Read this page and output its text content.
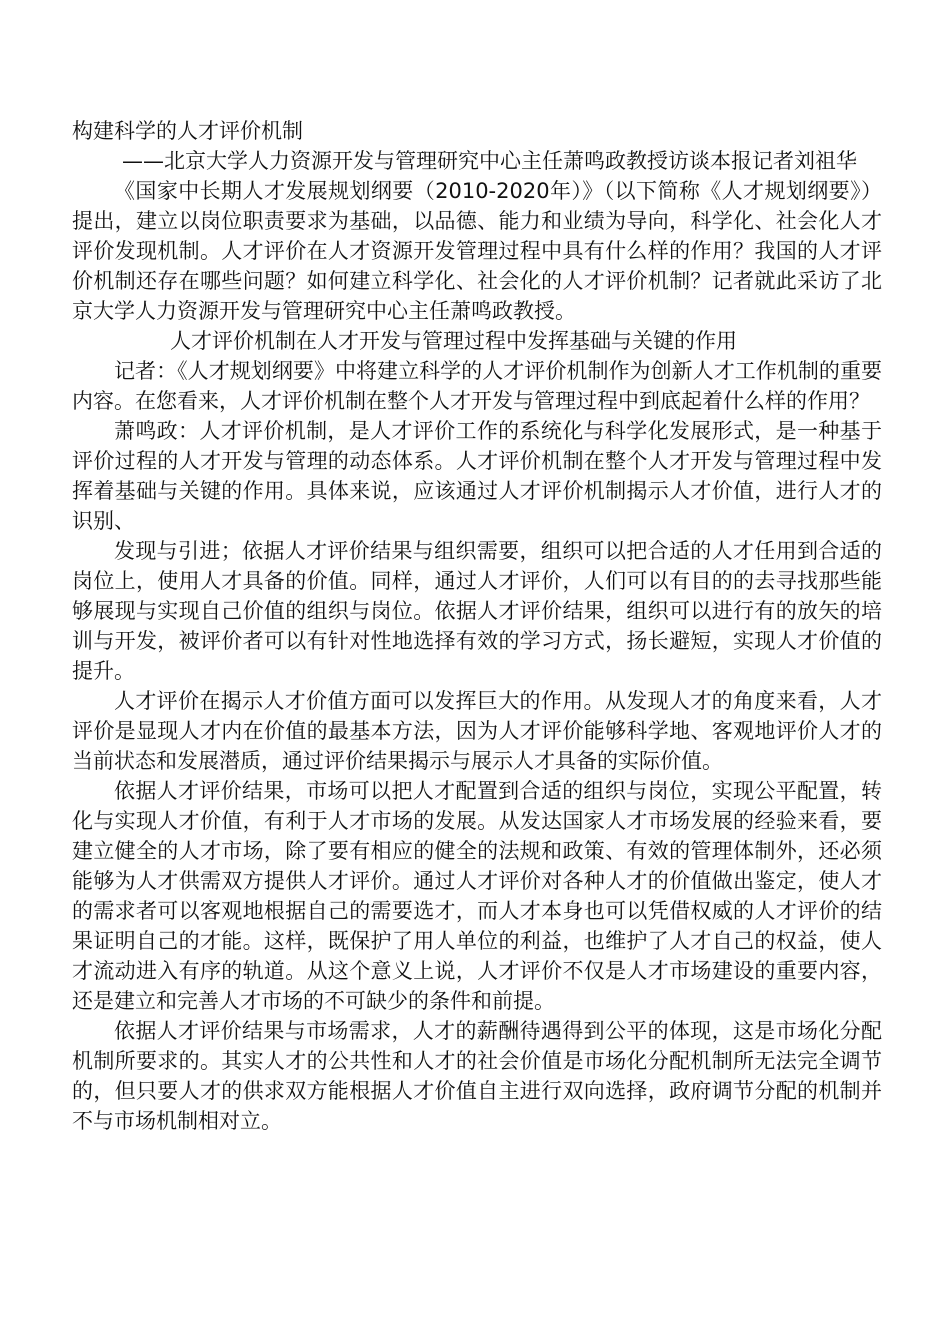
构建科学的人才评价机制
——北京大学人力资源开发与管理研究中心主任萧鸣政教授访谈本报记者刘祖华

《国家中长期人才发展规划纲要（2010-2020年）》（以下简称《人才规划纲要》）提出，建立以岗位职责要求为基础，以品德、能力和业绩为导向，科学化、社会化人才评价发现机制。人才评价在人才资源开发管理过程中具有什么样的作用？我国的人才评价机制还存在哪些问题？如何建立科学化、社会化的人才评价机制？记者就此采访了北京大学人力资源开发与管理研究中心主任萧鸣政教授。

人才评价机制在人才开发与管理过程中发挥基础与关键的作用

记者：《人才规划纲要》中将建立科学的人才评价机制作为创新人才工作机制的重要内容。在您看来，人才评价机制在整个人才开发与管理过程中到底起着什么样的作用？

萧鸣政：人才评价机制，是人才评价工作的系统化与科学化发展形式，是一种基于评价过程的人才开发与管理的动态体系。人才评价机制在整个人才开发与管理过程中发挥着基础与关键的作用。具体来说，应该通过人才评价机制揭示人才价值，进行人才的识别、

发现与引进；依据人才评价结果与组织需要，组织可以把合适的人才任用到合适的岗位上，使用人才具备的价值。同样，通过人才评价，人们可以有目的的去寻找那些能够展现与实现自己价值的组织与岗位。依据人才评价结果，组织可以进行有的放矢的培训与开发，被评价者可以有针对性地选择有效的学习方式，扬长避短，实现人才价值的提升。

人才评价在揭示人才价值方面可以发挥巨大的作用。从发现人才的角度来看，人才评价是显现人才内在价值的最基本方法，因为人才评价能够科学地、客观地评价人才的当前状态和发展潜质，通过评价结果揭示与展示人才具备的实际价值。

依据人才评价结果，市场可以把人才配置到合适的组织与岗位，实现公平配置，转化与实现人才价值，有利于人才市场的发展。从发达国家人才市场发展的经验来看，要建立健全的人才市场，除了要有相应的健全的法规和政策、有效的管理体制外，还必须能够为人才供需双方提供人才评价。通过人才评价对各种人才的价值做出鉴定，使人才的需求者可以客观地根据自己的需要选才，而人才本身也可以凭借权威的人才评价的结果证明自己的才能。这样，既保护了用人单位的利益，也维护了人才自己的权益，使人才流动进入有序的轨道。从这个意义上说，人才评价不仅是人才市场建设的重要内容，还是建立和完善人才市场的不可缺少的条件和前提。

依据人才评价结果与市场需求，人才的薪酬待遇得到公平的体现，这是市场化分配机制所要求的。其实人才的公共性和人才的社会价值是市场化分配机制所无法完全调节的，但只要人才的供求双方能根据人才价值自主进行双向选择，政府调节分配的机制并不与市场机制相对立。
